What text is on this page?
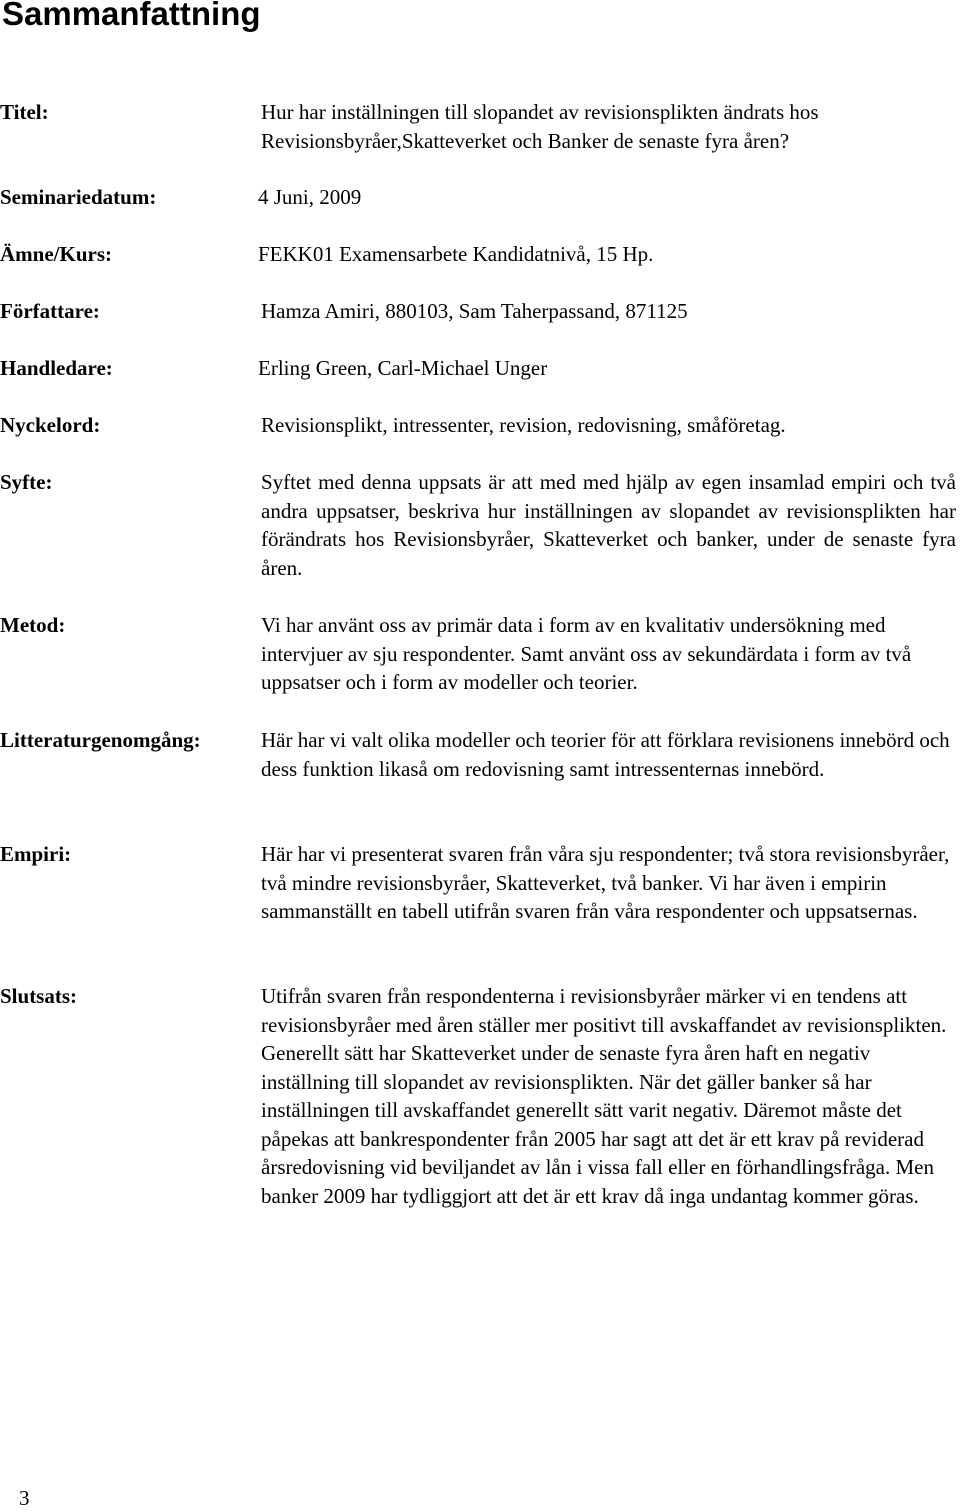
Sammanfattning
Titel:	Hur har inställningen till slopandet av revisionsplikten ändrats hos Revisionsbyråer,Skatteverket och Banker de senaste fyra åren?

Seminariedatum:	4 Juni, 2009
Ämne/Kurs:	FEKK01 Examensarbete Kandidatnivå, 15 Hp.
Författare:	Hamza Amiri, 880103, Sam Taherpassand, 871125
Handledare:	Erling Green, Carl-Michael Unger
Nyckelord:	Revisionsplikt, intressenter, revision, redovisning, småföretag.
Syfte:	Syftet med denna uppsats är att med med hjälp av egen insamlad empiri och två andra uppsatser, beskriva hur inställningen av slopandet av revisionsplikten har förändrats hos Revisionsbyråer, Skatteverket och banker, under de senaste fyra åren.

Metod:	Vi har använt oss av primär data i form av en kvalitativ undersökning med intervjuer av sju respondenter. Samt använt oss av sekundärdata i form av två uppsatser och i form av modeller och teorier.

Litteraturgenomgång:	Här har vi valt olika modeller och teorier för att förklara revisionens innebörd och dess funktion likaså om redovisning samt intressenternas innebörd.

Empiri:	Här har vi presenterat svaren från våra sju respondenter; två stora revisionsbyråer, två mindre revisionsbyråer, Skatteverket, två banker. Vi har även i empirin sammanställt en tabell utifrån svaren från våra respondenter och uppsatsernas.

Slutsats:	Utifrån svaren från respondenterna i revisionsbyråer märker vi en tendens att revisionsbyråer med åren ställer mer positivt till avskaffandet av revisionsplikten. Generellt sätt har Skatteverket under de senaste fyra åren haft en negativ inställning till slopandet av revisionsplikten. När det gäller banker så har inställningen till avskaffandet generellt sätt varit negativ. Däremot måste det påpekas att bankrespondenter från 2005 har sagt att det är ett krav på reviderad årsredovisning vid beviljandet av lån i vissa fall eller en förhandlingsfråga. Men banker 2009 har tydliggjort att det är ett krav då inga undantag kommer göras.

3
